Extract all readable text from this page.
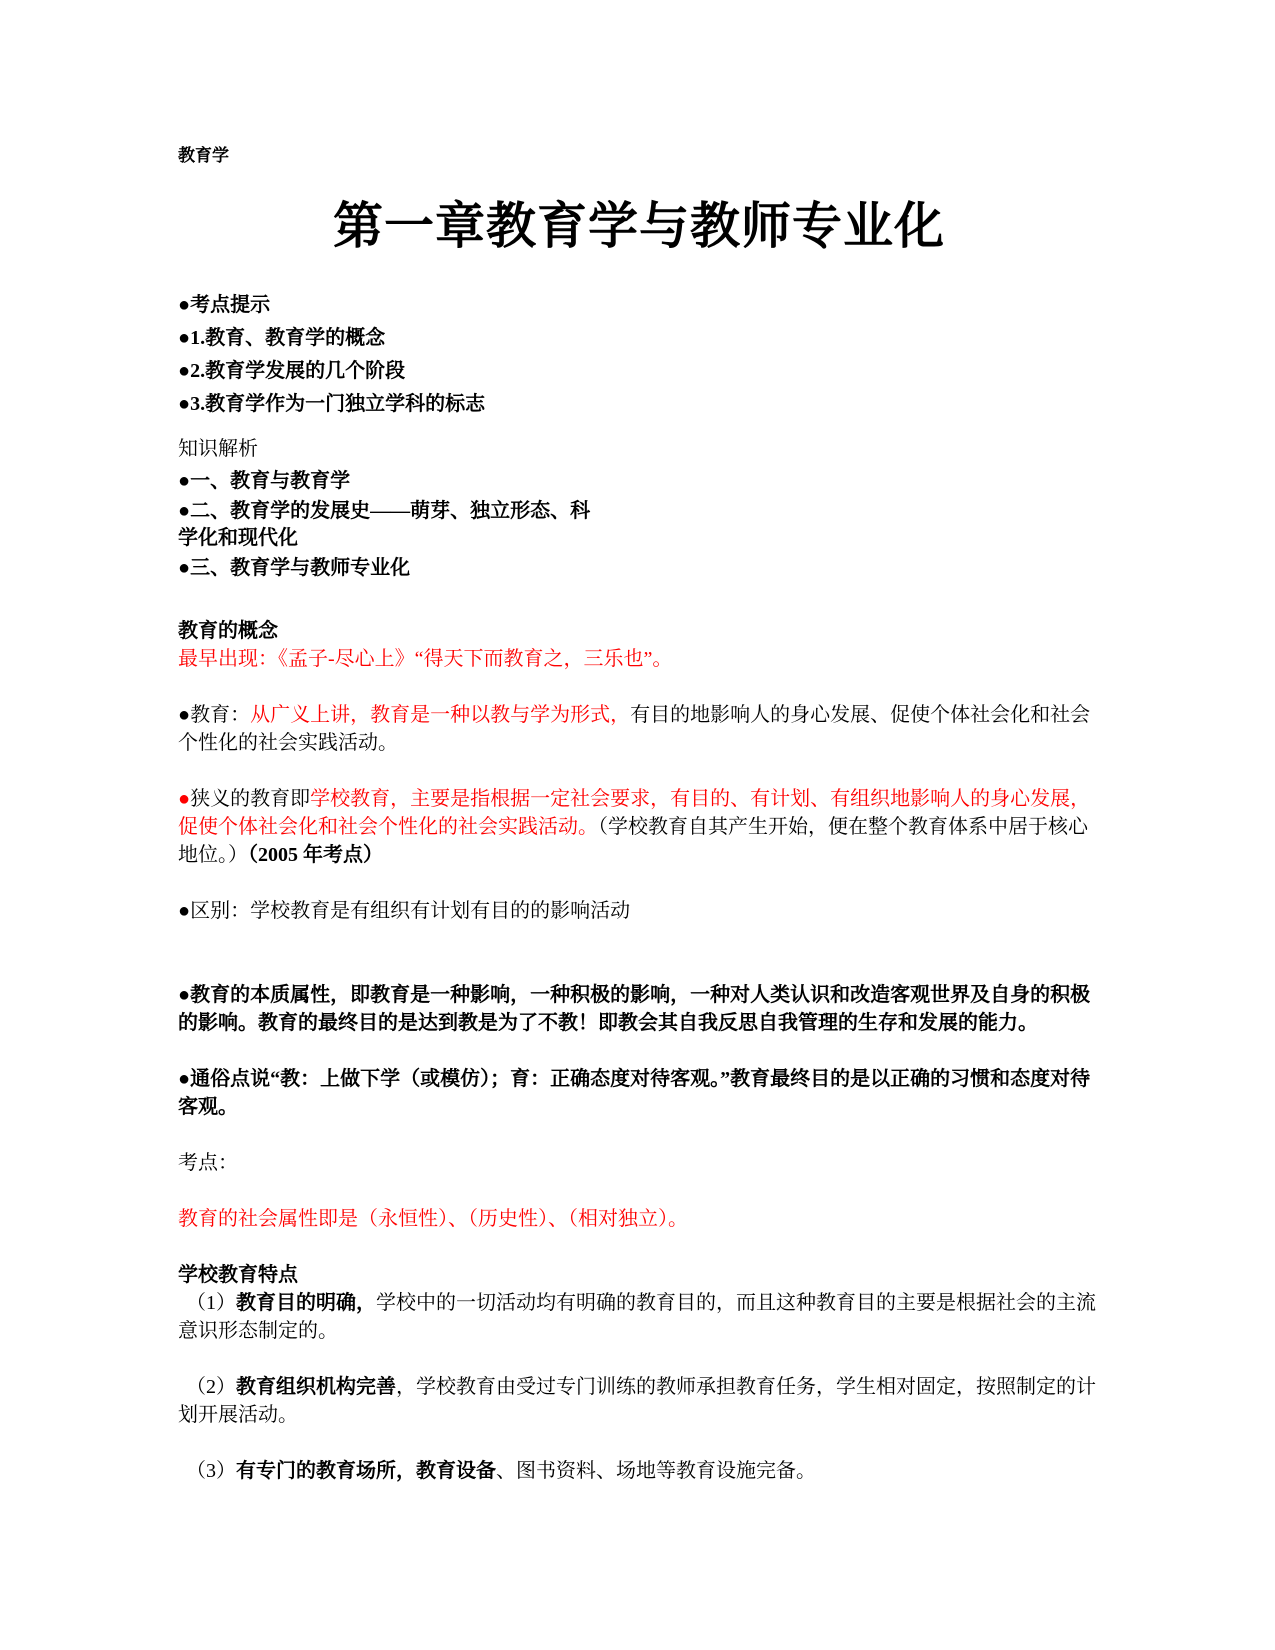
教育学
第一章教育学与教师专业化
●考点提示
●1.教育、教育学的概念
●2.教育学发展的几个阶段
●3.教育学作为一门独立学科的标志
知识解析
●一、教育与教育学
●二、教育学的发展史——萌芽、独立形态、科
学化和现代化
●三、教育学与教师专业化
教育的概念
最早出现：《孟子-尽心上》“得天下而教育之，三乐也”。
●教育：从广义上讲，教育是一种以教与学为形式，有目的地影响人的身心发展、促使个体社会化和社会个性化的社会实践活动。
●狭义的教育即学校教育，主要是指根据一定社会要求，有目的、有计划、有组织地影响人的身心发展，促使个体社会化和社会个性化的社会实践活动。（学校教育自其产生开始，便在整个教育体系中居于核心地位。）（2005 年考点）
●区别：学校教育是有组织有计划有目的的影响活动
●教育的本质属性，即教育是一种影响，一种积极的影响，一种对人类认识和改造客观世界及自身的积极的影响。教育的最终目的是达到教是为了不教！即教会其自我反思自我管理的生存和发展的能力。
●通俗点说“教：上做下学（或模仿）；育：正确态度对待客观。”教育最终目的是以正确的习惯和态度对待客观。
考点：
教育的社会属性即是（永恒性）、（历史性）、（相对独立）。
学校教育特点
（1）教育目的明确，学校中的一切活动均有明确的教育目的，而且这种教育目的主要是根据社会的主流意识形态制定的。
（2）教育组织机构完善，学校教育由受过专门训练的教师承担教育任务，学生相对固定，按照制定的计划开展活动。
（3）有专门的教育场所，教育设备、图书资料、场地等教育设施完备。
